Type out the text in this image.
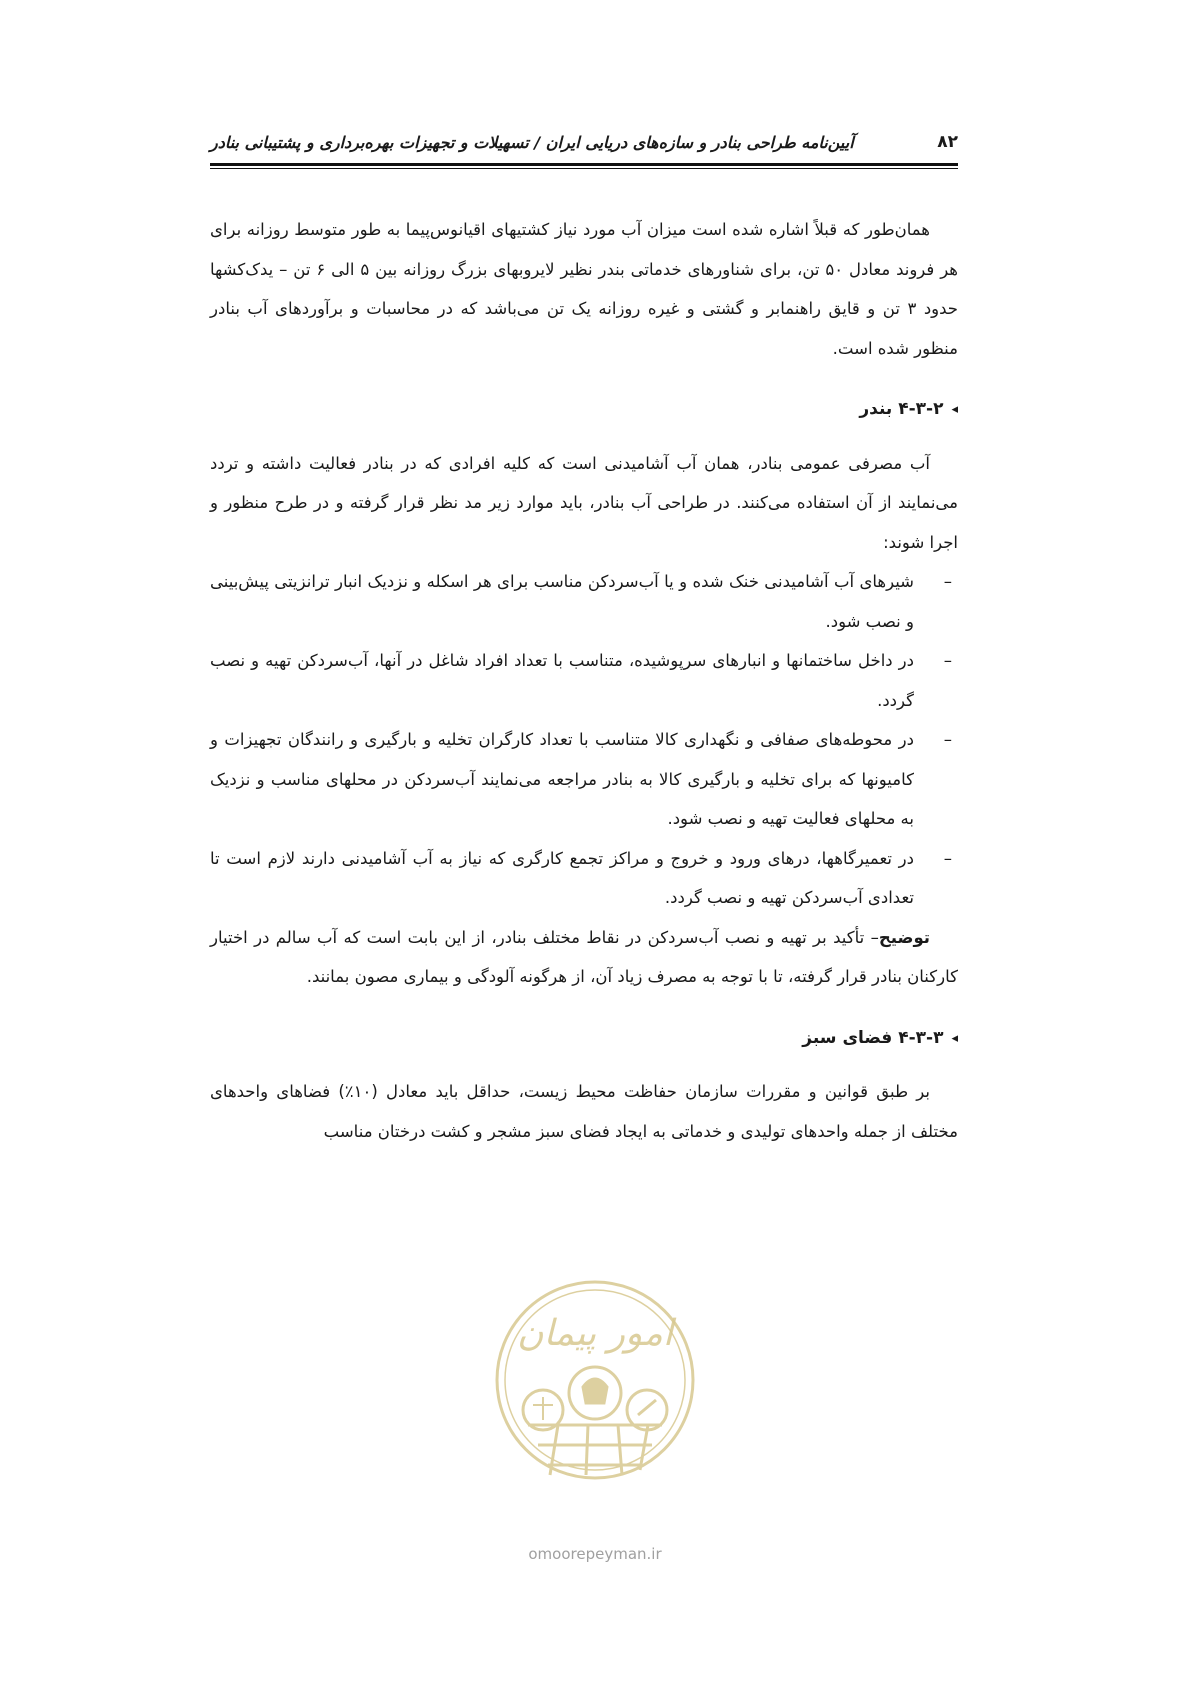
آیین‌نامه طراحی بنادر و سازه‌های دریایی ایران / تسهیلات و تجهیزات بهره‌برداری و پشتیبانی بنادر	۸۲

همان‌طور که قبلاً اشاره شده است میزان آب مورد نیاز کشتیهای اقیانوس‌پیما به طور متوسط روزانه برای هر فروند معادل ۵۰ تن، برای شناورهای خدماتی بندر نظیر لایروبهای بزرگ روزانه بین ۵ الی ۶ تن – یدک‌کشها حدود ۳ تن و قایق راهنمابر و گشتی و غیره روزانه یک تن می‌باشد که در محاسبات و برآوردهای آب بنادر منظور شده است.

◂
۴-۳-۲ بندر

آب مصرفی عمومی بنادر، همان آب آشامیدنی است که کلیه افرادی که در بنادر فعالیت داشته و تردد می‌نمایند از آن استفاده می‌کنند. در طراحی آب بنادر، باید موارد زیر مد نظر قرار گرفته و در طرح منظور و اجرا شوند:

–
شیرهای آب آشامیدنی خنک شده و یا آب‌سردکن مناسب برای هر اسکله و نزدیک انبار ترانزیتی پیش‌بینی و نصب شود.
–
در داخل ساختمانها و انبارهای سرپوشیده، متناسب با تعداد افراد شاغل در آنها، آب‌سردکن تهیه و نصب گردد.
–
در محوطه‌های صفافی و نگهداری کالا متناسب با تعداد کارگران تخلیه و بارگیری و رانندگان تجهیزات و کامیونها که برای تخلیه و بارگیری کالا به بنادر مراجعه می‌نمایند آب‌سردکن در محلهای مناسب و نزدیک به محلهای فعالیت تهیه و نصب شود.
–
در تعمیرگاهها، درهای ورود و خروج و مراکز تجمع کارگری که نیاز به آب آشامیدنی دارند لازم است تا تعدادی آب‌سردکن تهیه و نصب گردد.

توضیح– تأکید بر تهیه و نصب آب‌سردکن در نقاط مختلف بنادر، از این بابت است که آب سالم در اختیار کارکنان بنادر قرار گرفته، تا با توجه به مصرف زیاد آن، از هرگونه آلودگی و بیماری مصون بمانند.

◂
۴-۳-۳ فضای سبز

بر طبق قوانین و مقررات سازمان حفاظت محیط زیست، حداقل باید معادل (۱۰٪) فضاهای واحدهای مختلف از جمله واحدهای تولیدی و خدماتی به ایجاد فضای سبز مشجر و کشت درختان مناسب

امور پیمان
omoorepeyman.ir
